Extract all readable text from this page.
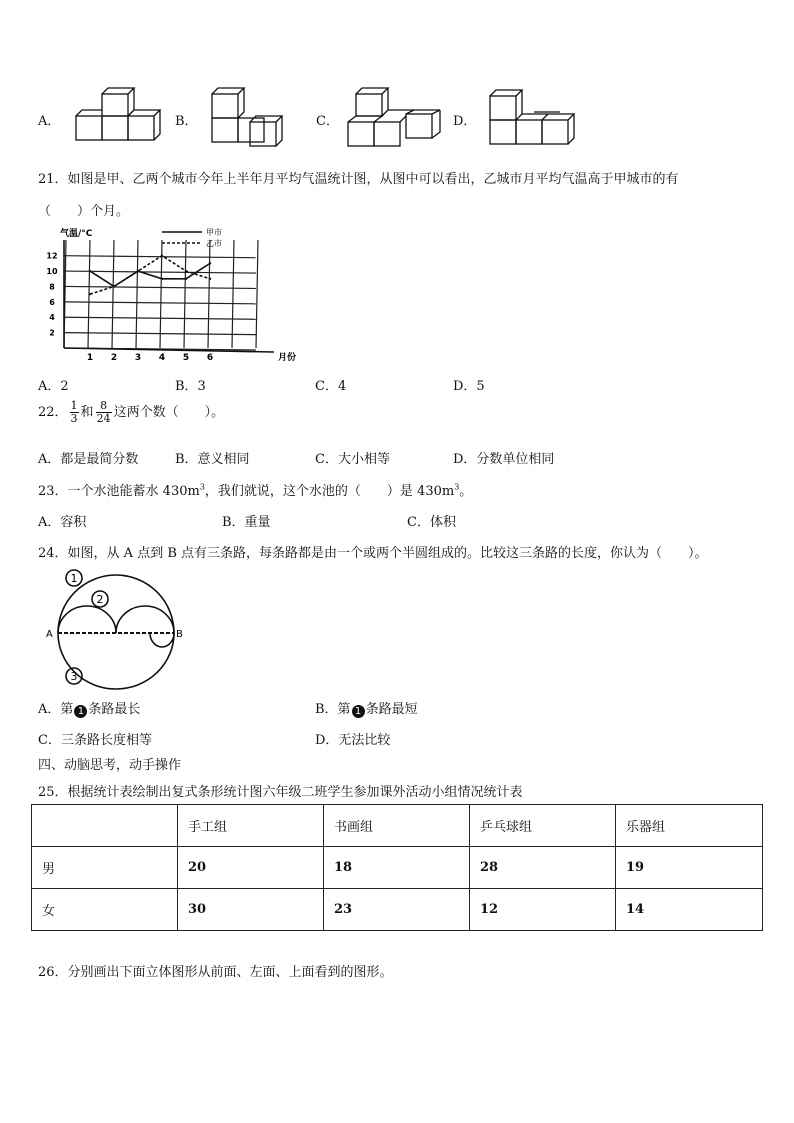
A．	B．	C．	D．
21．如图是甲、乙两个城市今年上半年月平均气温统计图，从图中可以看出，乙城市月平均气温高于甲城市的有
（　　）个月。
2
4
6
8
10
12
1 2 3 4 5 6
气温/°C
月份
甲市
乙市
A．2	B．3	C．4	D．5
22． $\frac{1}{3}$ 和 $\frac{8}{24}$ 这两个数（　　）。
A．都是最简分数	B．意义相同	C．大小相等	D．分数单位相同
23．一个水池能蓄水 $430m^3$，我们就说，这个水池的（　　）是 $430m^3$。
A．容积	B．重量	C．体积
24．如图，从 A 点到 B 点有三条路，每条路都是由一个或两个半圆组成的。比较这三条路的长度，你认为（　　）。
1
2
3
A	B
A．第 1 条路最长	B．第 1 条路最短
C．三条路长度相等	D．无法比较
四、动脑思考，动手操作
25．根据统计表绘制出复式条形统计图六年级二班学生参加课外活动小组情况统计表
	手工组	书画组	乒乓球组	乐器组
男	20	18	28	19
女	30	23	12	14
26．分别画出下面立体图形从前面、左面、上面看到的图形。
